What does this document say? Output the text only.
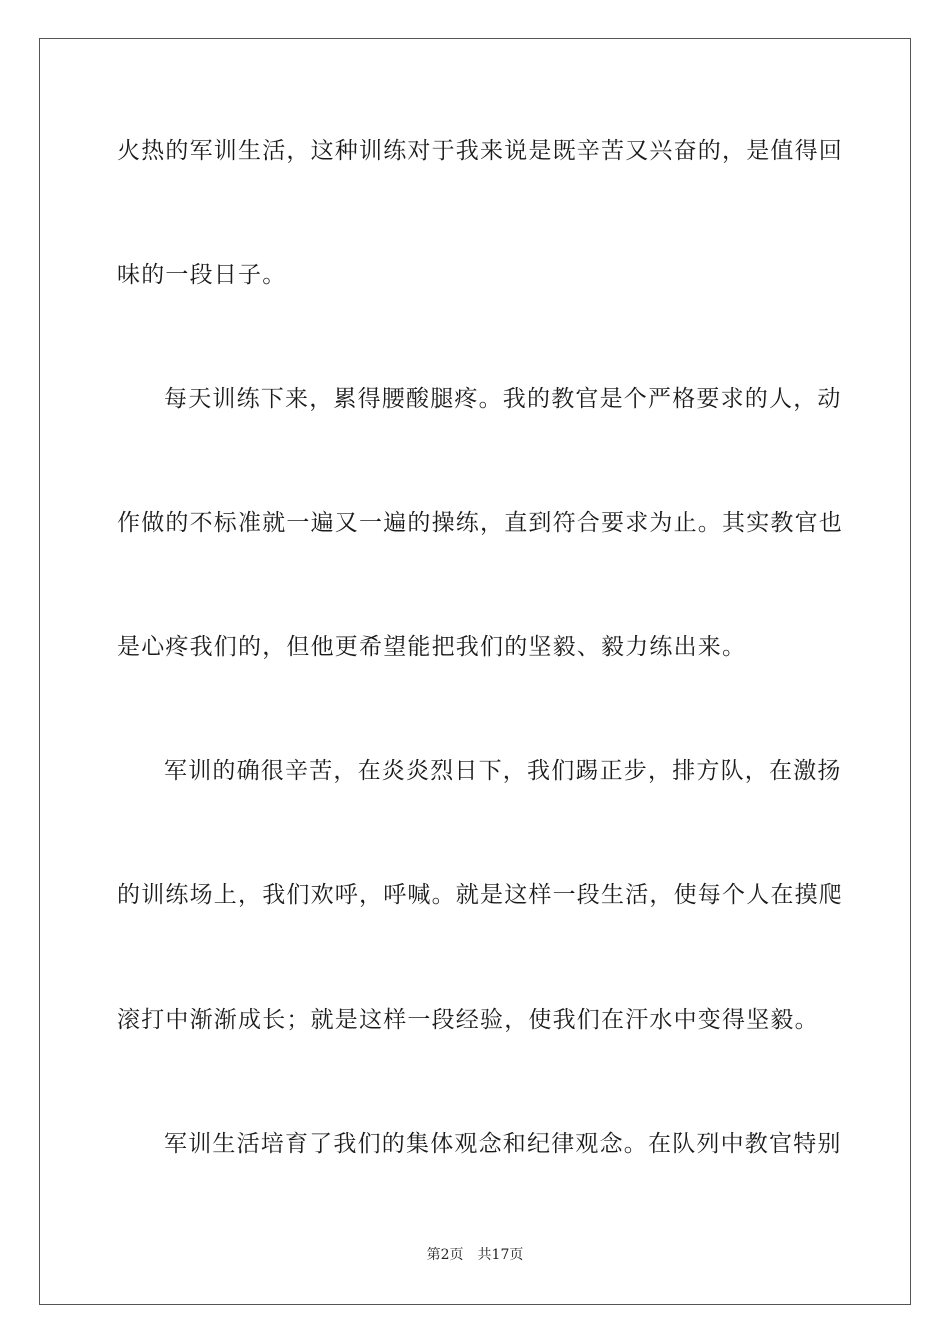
火热的军训生活，这种训练对于我来说是既辛苦又兴奋的，是值得回
味的一段日子。
每天训练下来，累得腰酸腿疼。我的教官是个严格要求的人，动
作做的不标准就一遍又一遍的操练，直到符合要求为止。其实教官也
是心疼我们的，但他更希望能把我们的坚毅、毅力练出来。
军训的确很辛苦，在炎炎烈日下，我们踢正步，排方队，在激扬
的训练场上，我们欢呼，呼喊。就是这样一段生活，使每个人在摸爬
滚打中渐渐成长；就是这样一段经验，使我们在汗水中变得坚毅。
军训生活培育了我们的集体观念和纪律观念。在队列中教官特别
第2页 共17页
